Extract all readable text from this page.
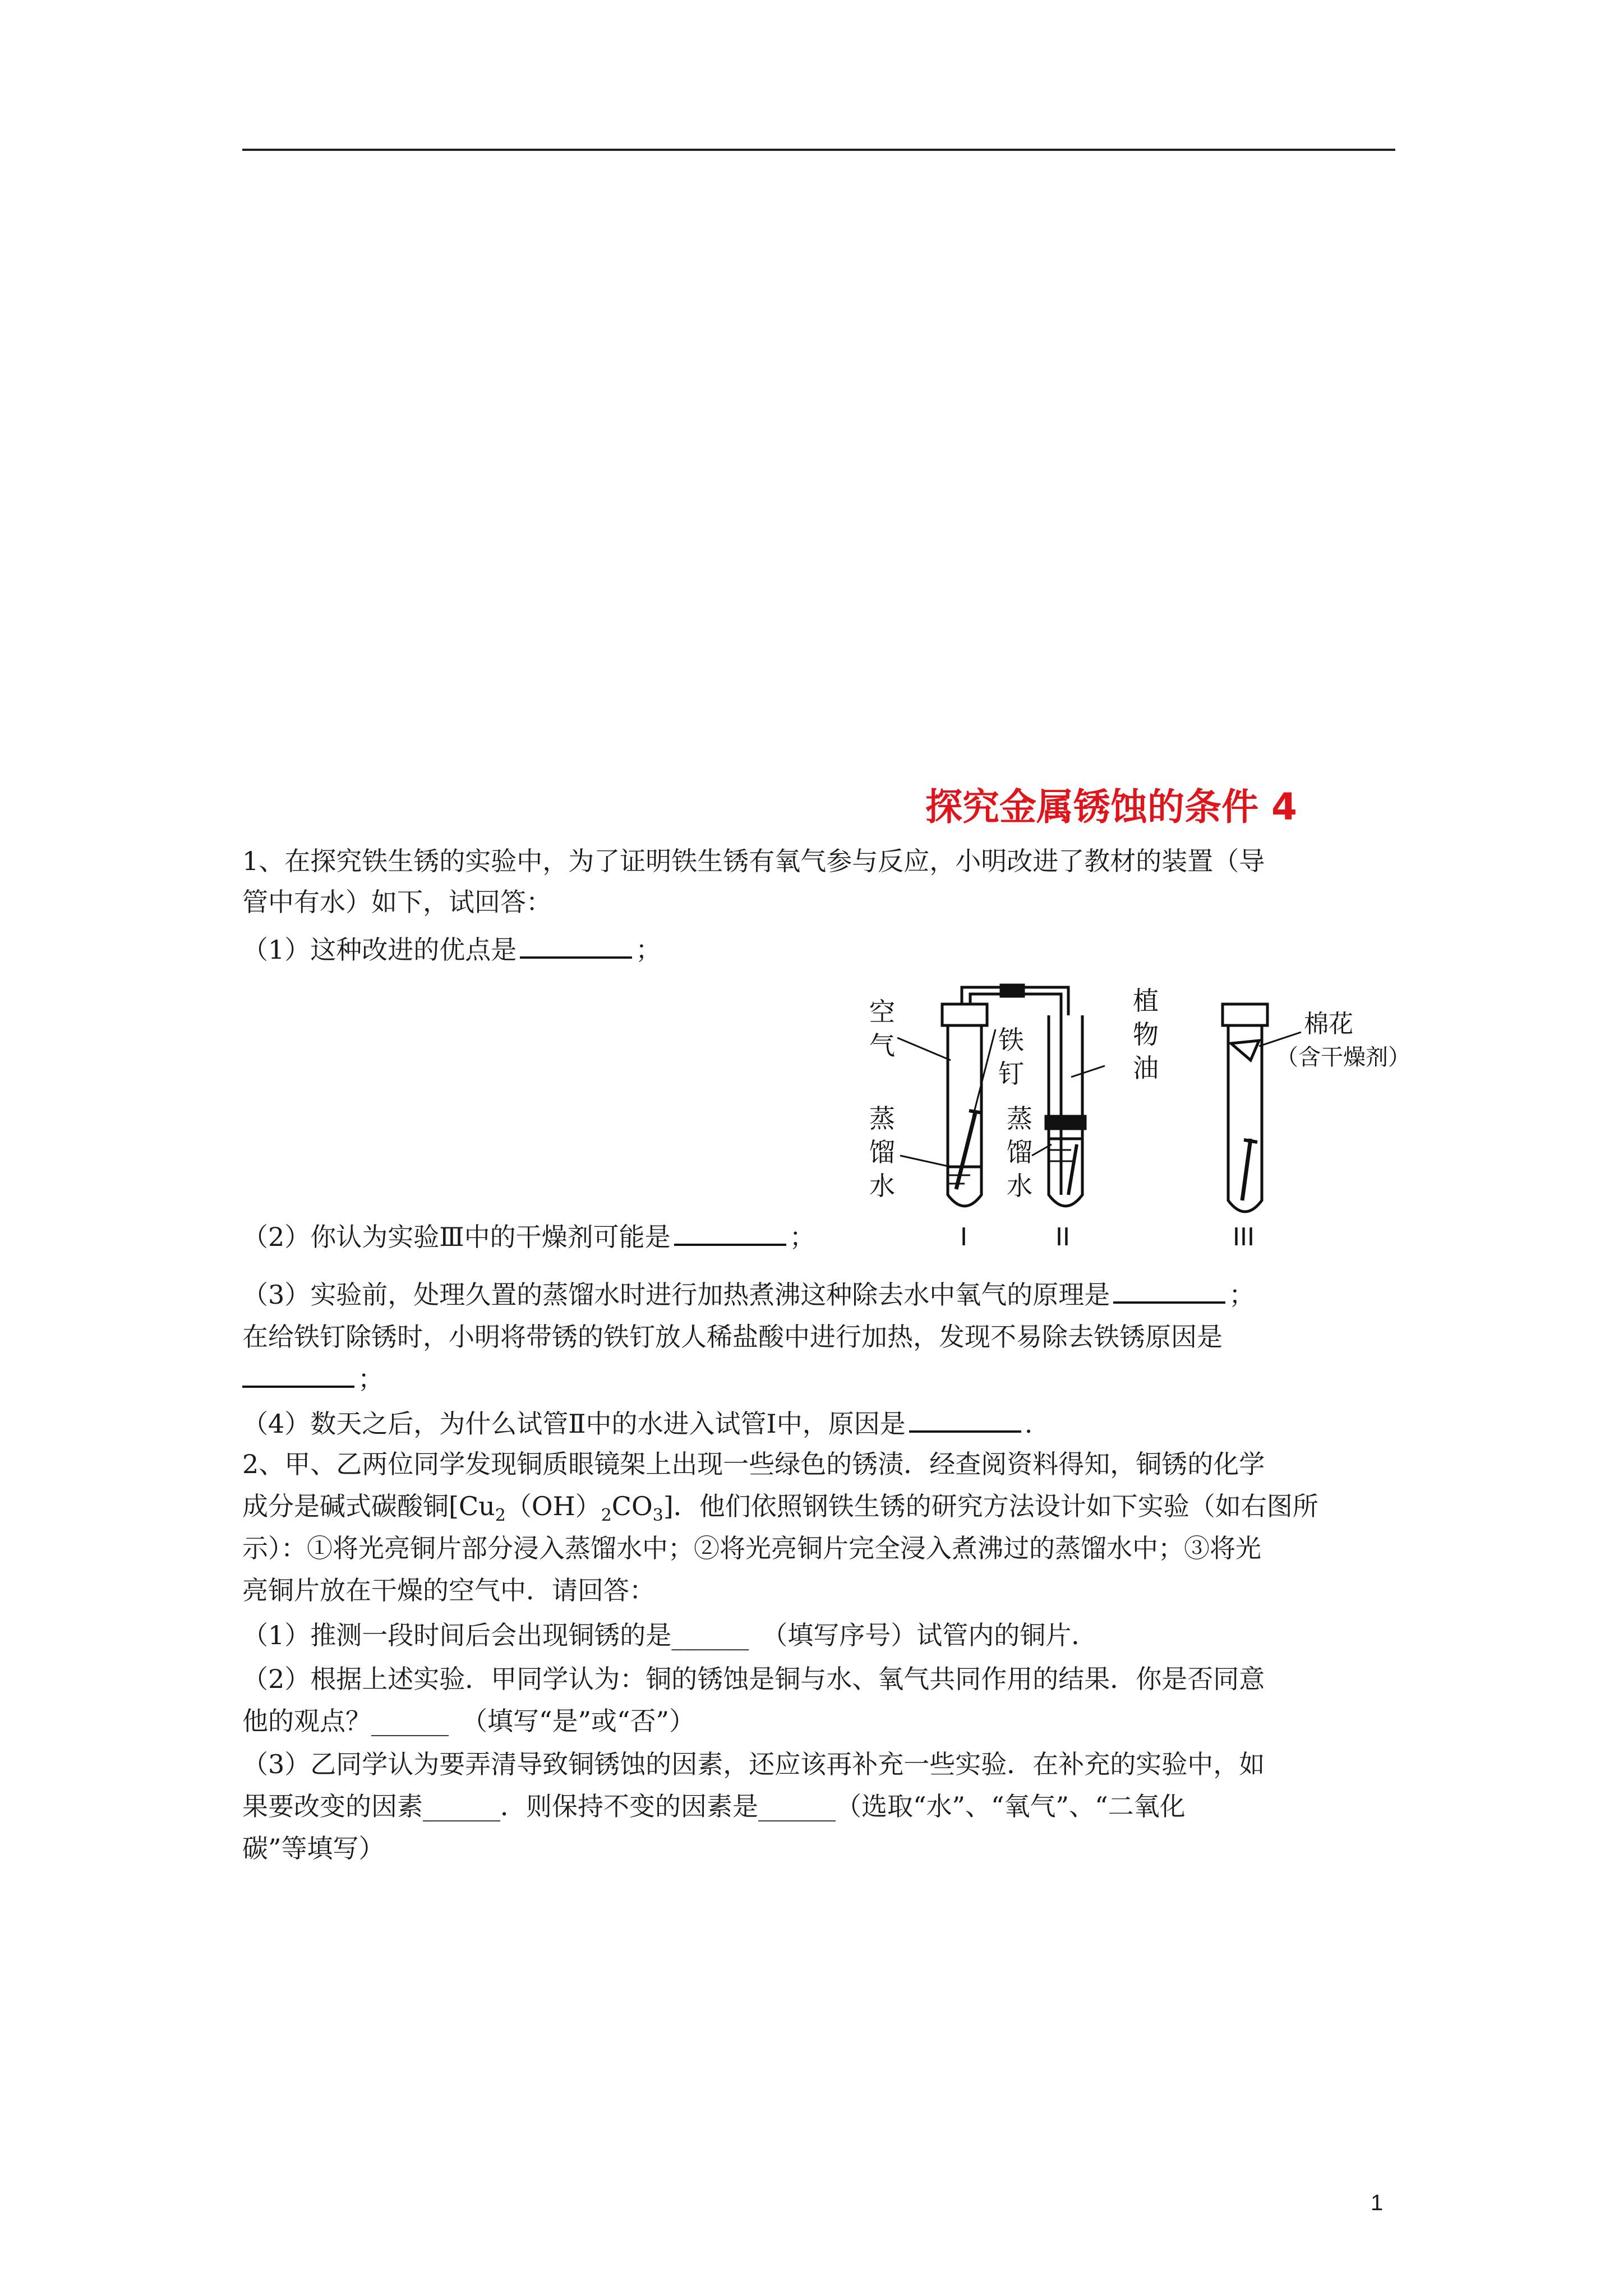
探究金属锈蚀的条件 4
1、在探究铁生锈的实验中，为了证明铁生锈有氧气参与反应，小明改进了教材的装置（导
管中有水）如下，试回答：
（1）这种改进的优点是	；
空
气	铁
钉
蒸
馏
水
蒸
馏
水
植
物
油
棉花
（含干燥剂）
I	II	III
（2）你认为实验Ⅲ中的干燥剂可能是	；
（3）实验前，处理久置的蒸馏水时进行加热煮沸这种除去水中氧气的原理是	；
在给铁钉除锈时，小明将带锈的铁钉放人稀盐酸中进行加热，发现不易除去铁锈原因是
；
（4）数天之后，为什么试管Ⅱ中的水进入试管Ⅰ中，原因是	.
2、甲、乙两位同学发现铜质眼镜架上出现一些绿色的锈渍．经查阅资料得知，铜锈的化学
成分是碱式碳酸铜$[Cu_2(OH)_2CO_3]$．他们依照钢铁生锈的研究方法设计如下实验（如右图所
示）：①将光亮铜片部分浸入蒸馏水中；②将光亮铜片完全浸入煮沸过的蒸馏水中；③将光
亮铜片放在干燥的空气中．请回答：
（1）推测一段时间后会出现铜锈的是______　（填写序号）试管内的铜片．
（2）根据上述实验．甲同学认为：铜的锈蚀是铜与水、氧气共同作用的结果．你是否同意
他的观点？______　（填写“是”或“否”）
（3）乙同学认为要弄清导致铜锈蚀的因素，还应该再补充一些实验．在补充的实验中，如
果要改变的因素______．则保持不变的因素是______（选取“水”、“氧气”、“二氧化
碳”等填写）
1
